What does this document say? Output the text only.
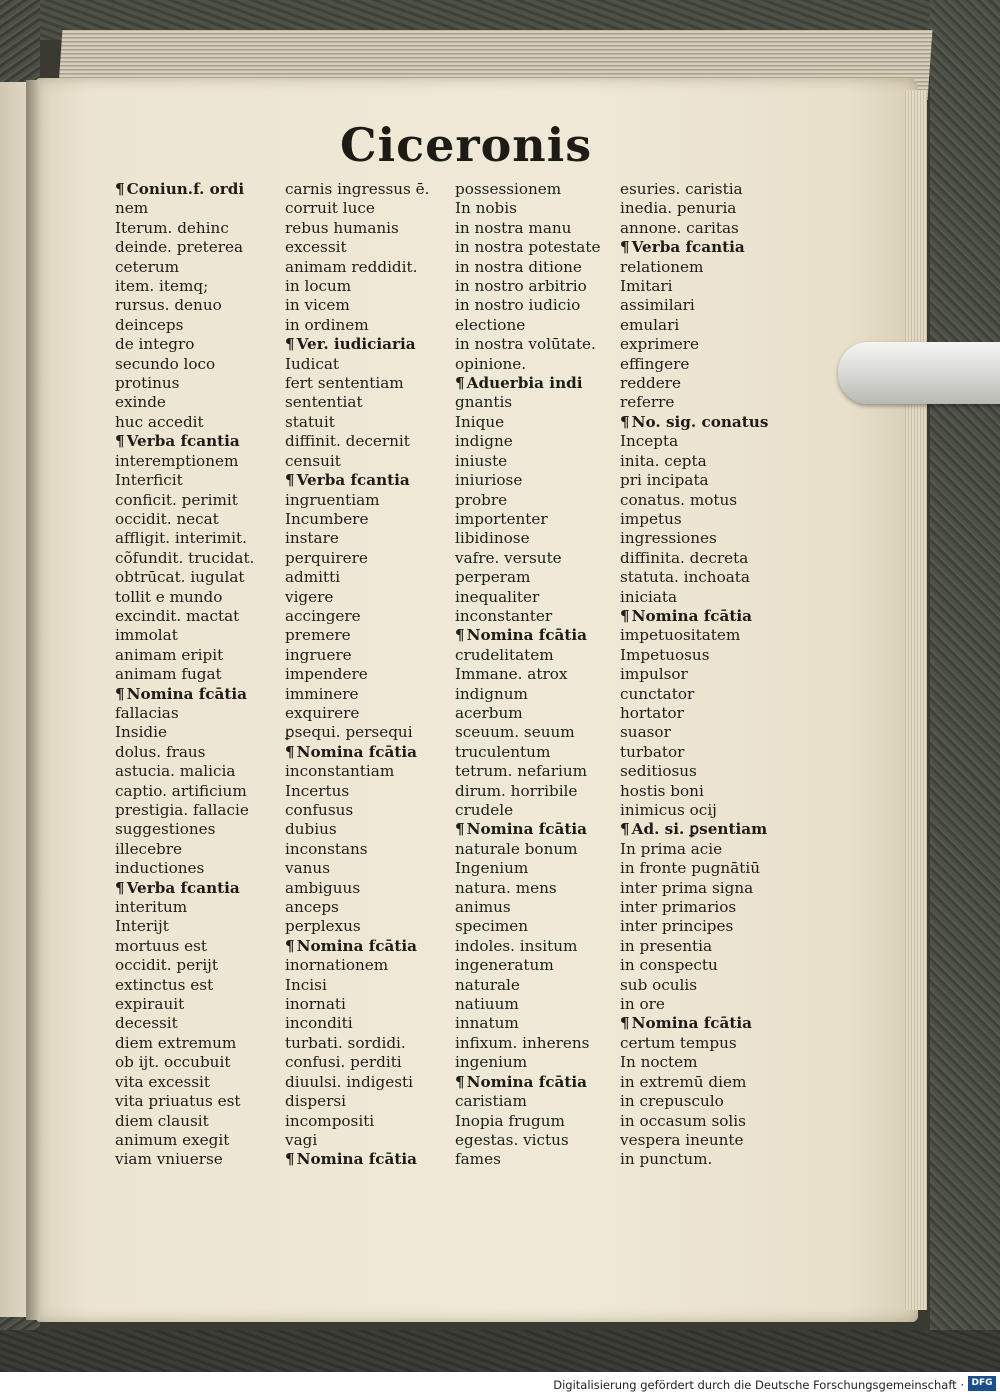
Ciceronis
¶ Coniun.f. ordi
nem
Iterum. dehinc
deinde. preterea
ceterum
item. itemq;
rursus. denuo
deinceps
de integro
secundo loco
protinus
exinde
huc accedit
¶ Verba fcantia
interemptionem
Interficit
conficit. perimit
occidit. necat
affligit. interimit.
cõfundit. trucidat.
obtrūcat. iugulat
tollit e mundo
excindit. mactat
immolat
animam eripit
animam fugat
¶ Nomina fcātia
fallacias
Insidie
dolus. fraus
astucia. malicia
captio. artificium
prestigia. fallacie
suggestiones
illecebre
inductiones
¶ Verba fcantia
interitum
Interijt
mortuus est
occidit. perijt
extinctus est
expirauit
decessit
diem extremum
ob ijt. occubuit
vita excessit
vita priuatus est
diem clausit
animum exegit
viam vniuerse
carnis ingressus ē.
corruit luce
rebus humanis
excessit
animam reddidit.
in locum
in vicem
in ordinem
¶ Ver. iudiciaria
Iudicat
fert sententiam
sententiat
statuit
diffinit. decernit
censuit
¶ Verba fcantia
ingruentiam
Incumbere
instare
perquirere
admitti
vigere
accingere
premere
ingruere
impendere
imminere
exquirere
ꝑsequi. persequi
¶ Nomina fcātia
inconstantiam
Incertus
confusus
dubius
inconstans
vanus
ambiguus
anceps
perplexus
¶ Nomina fcātia
inornationem
Incisi
inornati
inconditi
turbati. sordidi.
confusi. perditi
diuulsi. indigesti
dispersi
incompositi
vagi
¶ Nomina fcātia
possessionem
In nobis
in nostra manu
in nostra potestate
in nostra ditione
in nostro arbitrio
in nostro iudicio
electione
in nostra volūtate.
opinione.
¶ Aduerbia indi
gnantis
Inique
indigne
iniuste
iniuriose
probre
importenter
libidinose
vafre. versute
perperam
inequaliter
inconstanter
¶ Nomina fcātia
crudelitatem
Immane. atrox
indignum
acerbum
sceuum. seuum
truculentum
tetrum. nefarium
dirum. horribile
crudele
¶ Nomina fcātia
naturale bonum
Ingenium
natura. mens
animus
specimen
indoles. insitum
ingeneratum
naturale
natiuum
innatum
infixum. inherens
ingenium
¶ Nomina fcātia
caristiam
Inopia frugum
egestas. victus
fames
esuries. caristia
inedia. penuria
annone. caritas
¶ Verba fcantia
relationem
Imitari
assimilari
emulari
exprimere
effingere
reddere
referre
¶ No. sig. conatus
Incepta
inita. cepta
pri incipata
conatus. motus
impetus
ingressiones
diffinita. decreta
statuta. inchoata
iniciata
¶ Nomina fcātia
impetuositatem
Impetuosus
impulsor
cunctator
hortator
suasor
turbator
seditiosus
hostis boni
inimicus ocij
¶ Ad. si. ꝑsentiam
In prima acie
in fronte pugnātiū
inter prima signa
inter primarios
inter principes
in presentia
in conspectu
sub oculis
in ore
¶ Nomina fcātia
certum tempus
In noctem
in extremū diem
in crepusculo
in occasum solis
vespera ineunte
in punctum.
Digitalisierung gefördert durch die Deutsche Forschungsgemeinschaft · DFG
